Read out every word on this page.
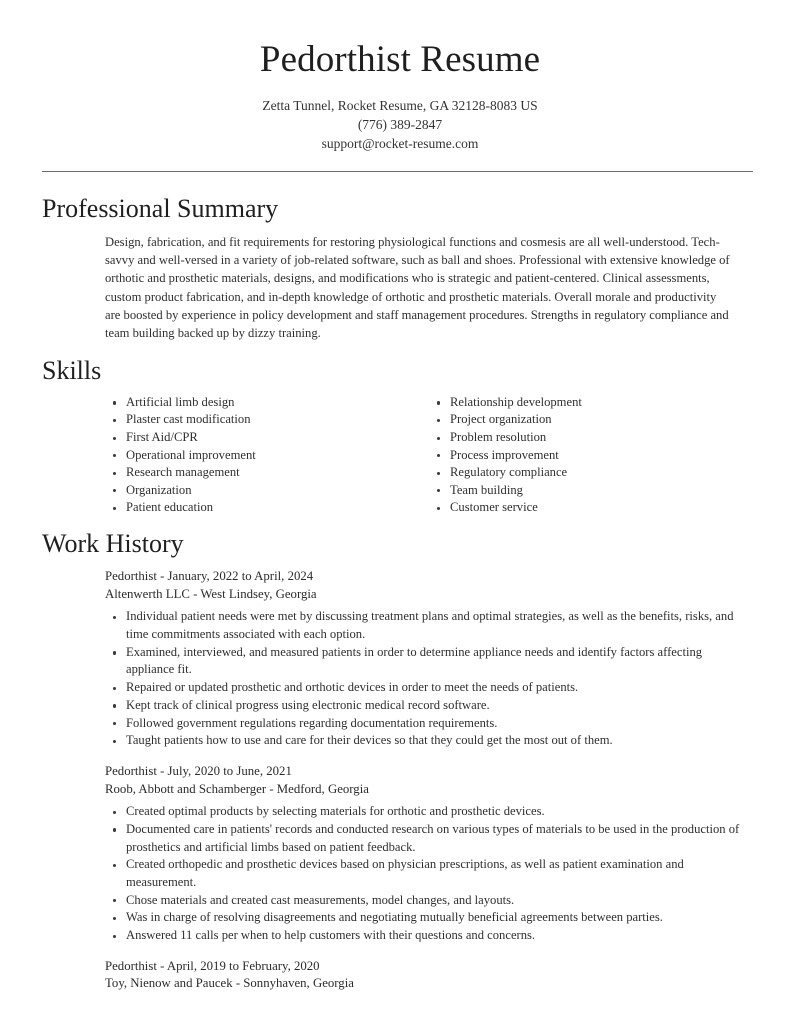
Pedorthist Resume

Zetta Tunnel, Rocket Resume, GA 32128-8083 US

(776) 389-2847

support@rocket-resume.com

Professional Summary

Design, fabrication, and fit requirements for restoring physiological functions and cosmesis are all well-understood. Tech-savvy and well-versed in a variety of job-related software, such as ball and shoes. Professional with extensive knowledge of orthotic and prosthetic materials, designs, and modifications who is strategic and patient-centered. Clinical assessments, custom product fabrication, and in-depth knowledge of orthotic and prosthetic materials. Overall morale and productivity are boosted by experience in policy development and staff management procedures. Strengths in regulatory compliance and team building backed up by dizzy training.

Skills
Artificial limb design
Plaster cast modification
First Aid/CPR
Operational improvement
Research management
Organization
Patient education
Relationship development
Project organization
Problem resolution
Process improvement
Regulatory compliance
Team building
Customer service
Work History

Pedorthist - January, 2022 to April, 2024

Altenwerth LLC - West Lindsey, Georgia

Individual patient needs were met by discussing treatment plans and optimal strategies, as well as the benefits, risks, and time commitments associated with each option.
Examined, interviewed, and measured patients in order to determine appliance needs and identify factors affecting appliance fit.
Repaired or updated prosthetic and orthotic devices in order to meet the needs of patients.
Kept track of clinical progress using electronic medical record software.
Followed government regulations regarding documentation requirements.
Taught patients how to use and care for their devices so that they could get the most out of them.

Pedorthist - July, 2020 to June, 2021

Roob, Abbott and Schamberger - Medford, Georgia

Created optimal products by selecting materials for orthotic and prosthetic devices.
Documented care in patients' records and conducted research on various types of materials to be used in the production of prosthetics and artificial limbs based on patient feedback.
Created orthopedic and prosthetic devices based on physician prescriptions, as well as patient examination and measurement.
Chose materials and created cast measurements, model changes, and layouts.
Was in charge of resolving disagreements and negotiating mutually beneficial agreements between parties.
Answered 11 calls per when to help customers with their questions and concerns.

Pedorthist - April, 2019 to February, 2020

Toy, Nienow and Paucek - Sonnyhaven, Georgia
